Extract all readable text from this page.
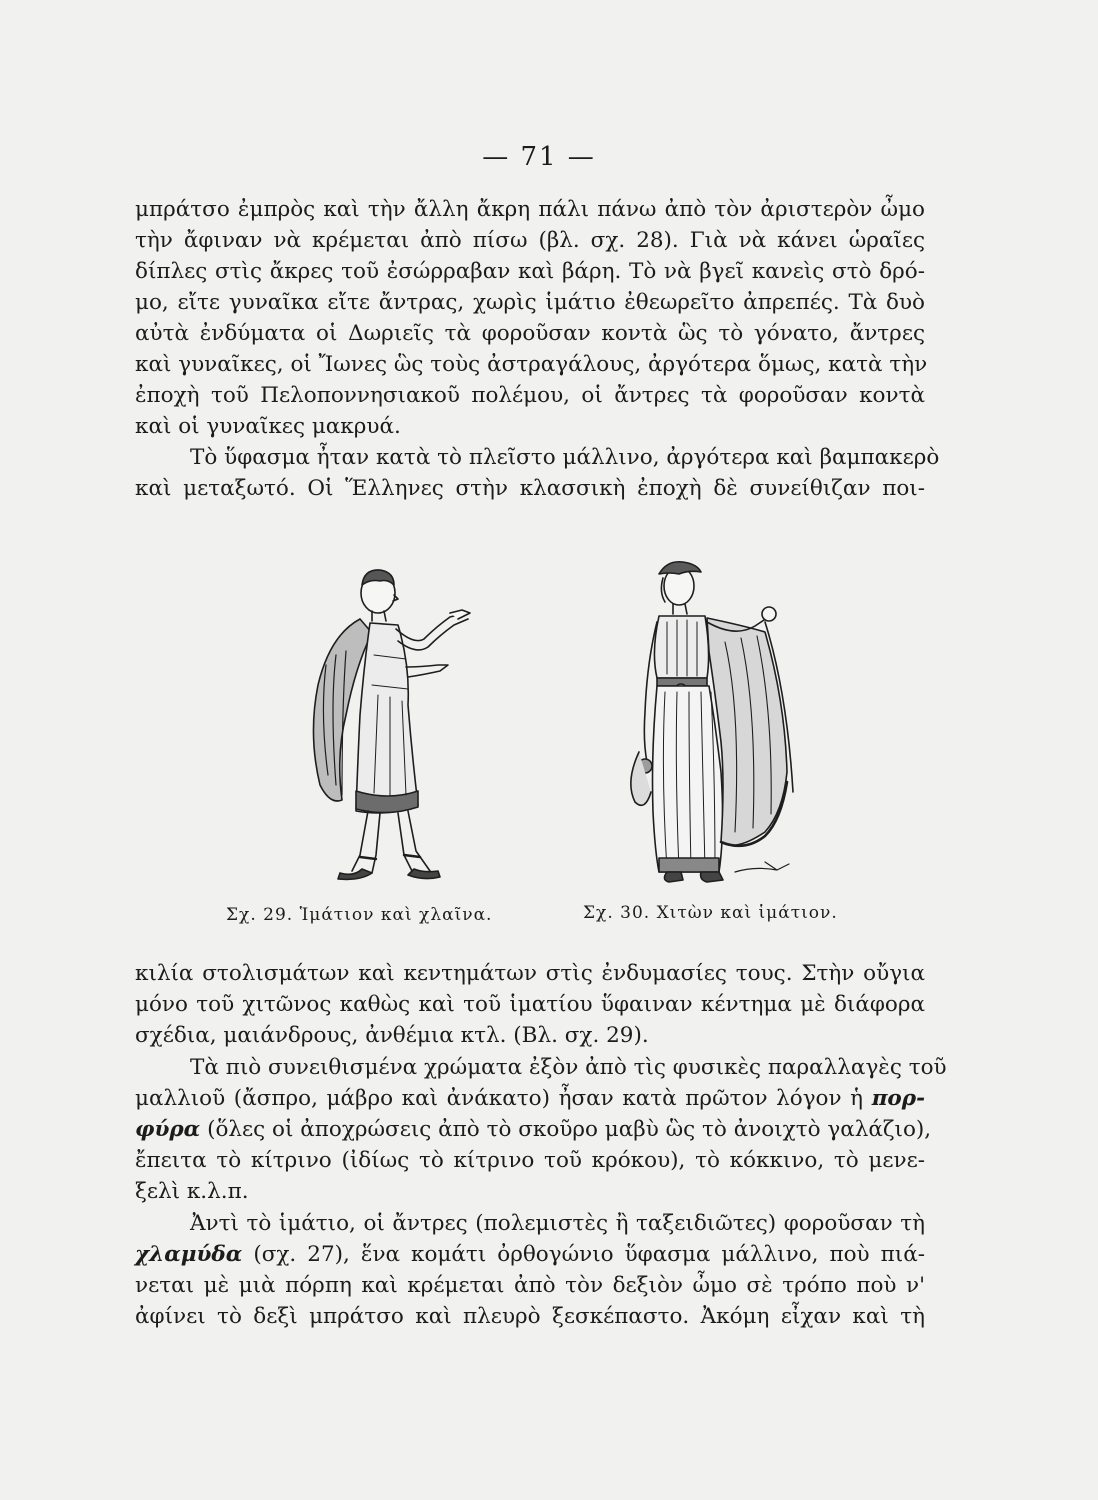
— 71 —

μπράτσο ἐμπρὸς καὶ τὴν ἄλλη ἄκρη πάλι πάνω ἀπὸ τὸν ἀριστερὸν ὦμο
τὴν ἄφιναν νὰ κρέμεται ἀπὸ πίσω (βλ. σχ. 28). Γιὰ νὰ κάνει ὡραῖες
δίπλες στὶς ἄκρες τοῦ ἐσώρραβαν καὶ βάρη. Τὸ νὰ βγεῖ κανεὶς στὸ δρό-
μο, εἴτε γυναῖκα εἴτε ἄντρας, χωρὶς ἱμάτιο ἐθεωρεῖτο ἀπρεπές. Τὰ δυὸ
αὐτὰ ἐνδύματα οἱ Δωριεῖς τὰ φοροῦσαν κοντὰ ὣς τὸ γόνατο, ἄντρες
καὶ γυναῖκες, οἱ Ἴωνες ὣς τοὺς ἀστραγάλους, ἀργότερα ὅμως, κατὰ τὴν
ἐποχὴ τοῦ Πελοποννησιακοῦ πολέμου, οἱ ἄντρες τὰ φοροῦσαν κοντὰ
καὶ οἱ γυναῖκες μακρυά.

Τὸ ὕφασμα ἦταν κατὰ τὸ πλεῖστο μάλλινο, ἀργότερα καὶ βαμπακερὸ
καὶ μεταξωτό. Οἱ Ἕλληνες στὴν κλασσικὴ ἐποχὴ δὲ συνείθιζαν ποι-

Σχ. 29. Ἱμάτιον καὶ χλαῖνα.	Σχ. 30. Χιτὼν καὶ ἱμάτιον.

κιλία στολισμάτων καὶ κεντημάτων στὶς ἐνδυμασίες τους. Στὴν οὔγια
μόνο τοῦ χιτῶνος καθὼς καὶ τοῦ ἱματίου ὕφαιναν κέντημα μὲ διάφορα
σχέδια, μαιάνδρους, ἀνθέμια κτλ. (Βλ. σχ. 29).

Τὰ πιὸ συνειθισμένα χρώματα ἐξὸν ἀπὸ τὶς φυσικὲς παραλλαγὲς τοῦ
μαλλιοῦ (ἄσπρο, μάβρο καὶ ἀνάκατο) ἦσαν κατὰ πρῶτον λόγον ἡ πορ-
φύρα (ὅλες οἱ ἀποχρώσεις ἀπὸ τὸ σκοῦρο μαβὺ ὣς τὸ ἀνοιχτὸ γαλάζιο),
ἔπειτα τὸ κίτρινο (ἰδίως τὸ κίτρινο τοῦ κρόκου), τὸ κόκκινο, τὸ μενε-
ξελὶ κ.λ.π.

Ἀντὶ τὸ ἱμάτιο, οἱ ἄντρες (πολεμιστὲς ἢ ταξειδιῶτες) φοροῦσαν τὴ
χλαμύδα (σχ. 27), ἕνα κομάτι ὀρθογώνιο ὕφασμα μάλλινο, ποὺ πιά-
νεται μὲ μιὰ πόρπη καὶ κρέμεται ἀπὸ τὸν δεξιὸν ὦμο σὲ τρόπο ποὺ ν'
ἀφίνει τὸ δεξὶ μπράτσο καὶ πλευρὸ ξεσκέπαστο. Ἀκόμη εἶχαν καὶ τὴ
